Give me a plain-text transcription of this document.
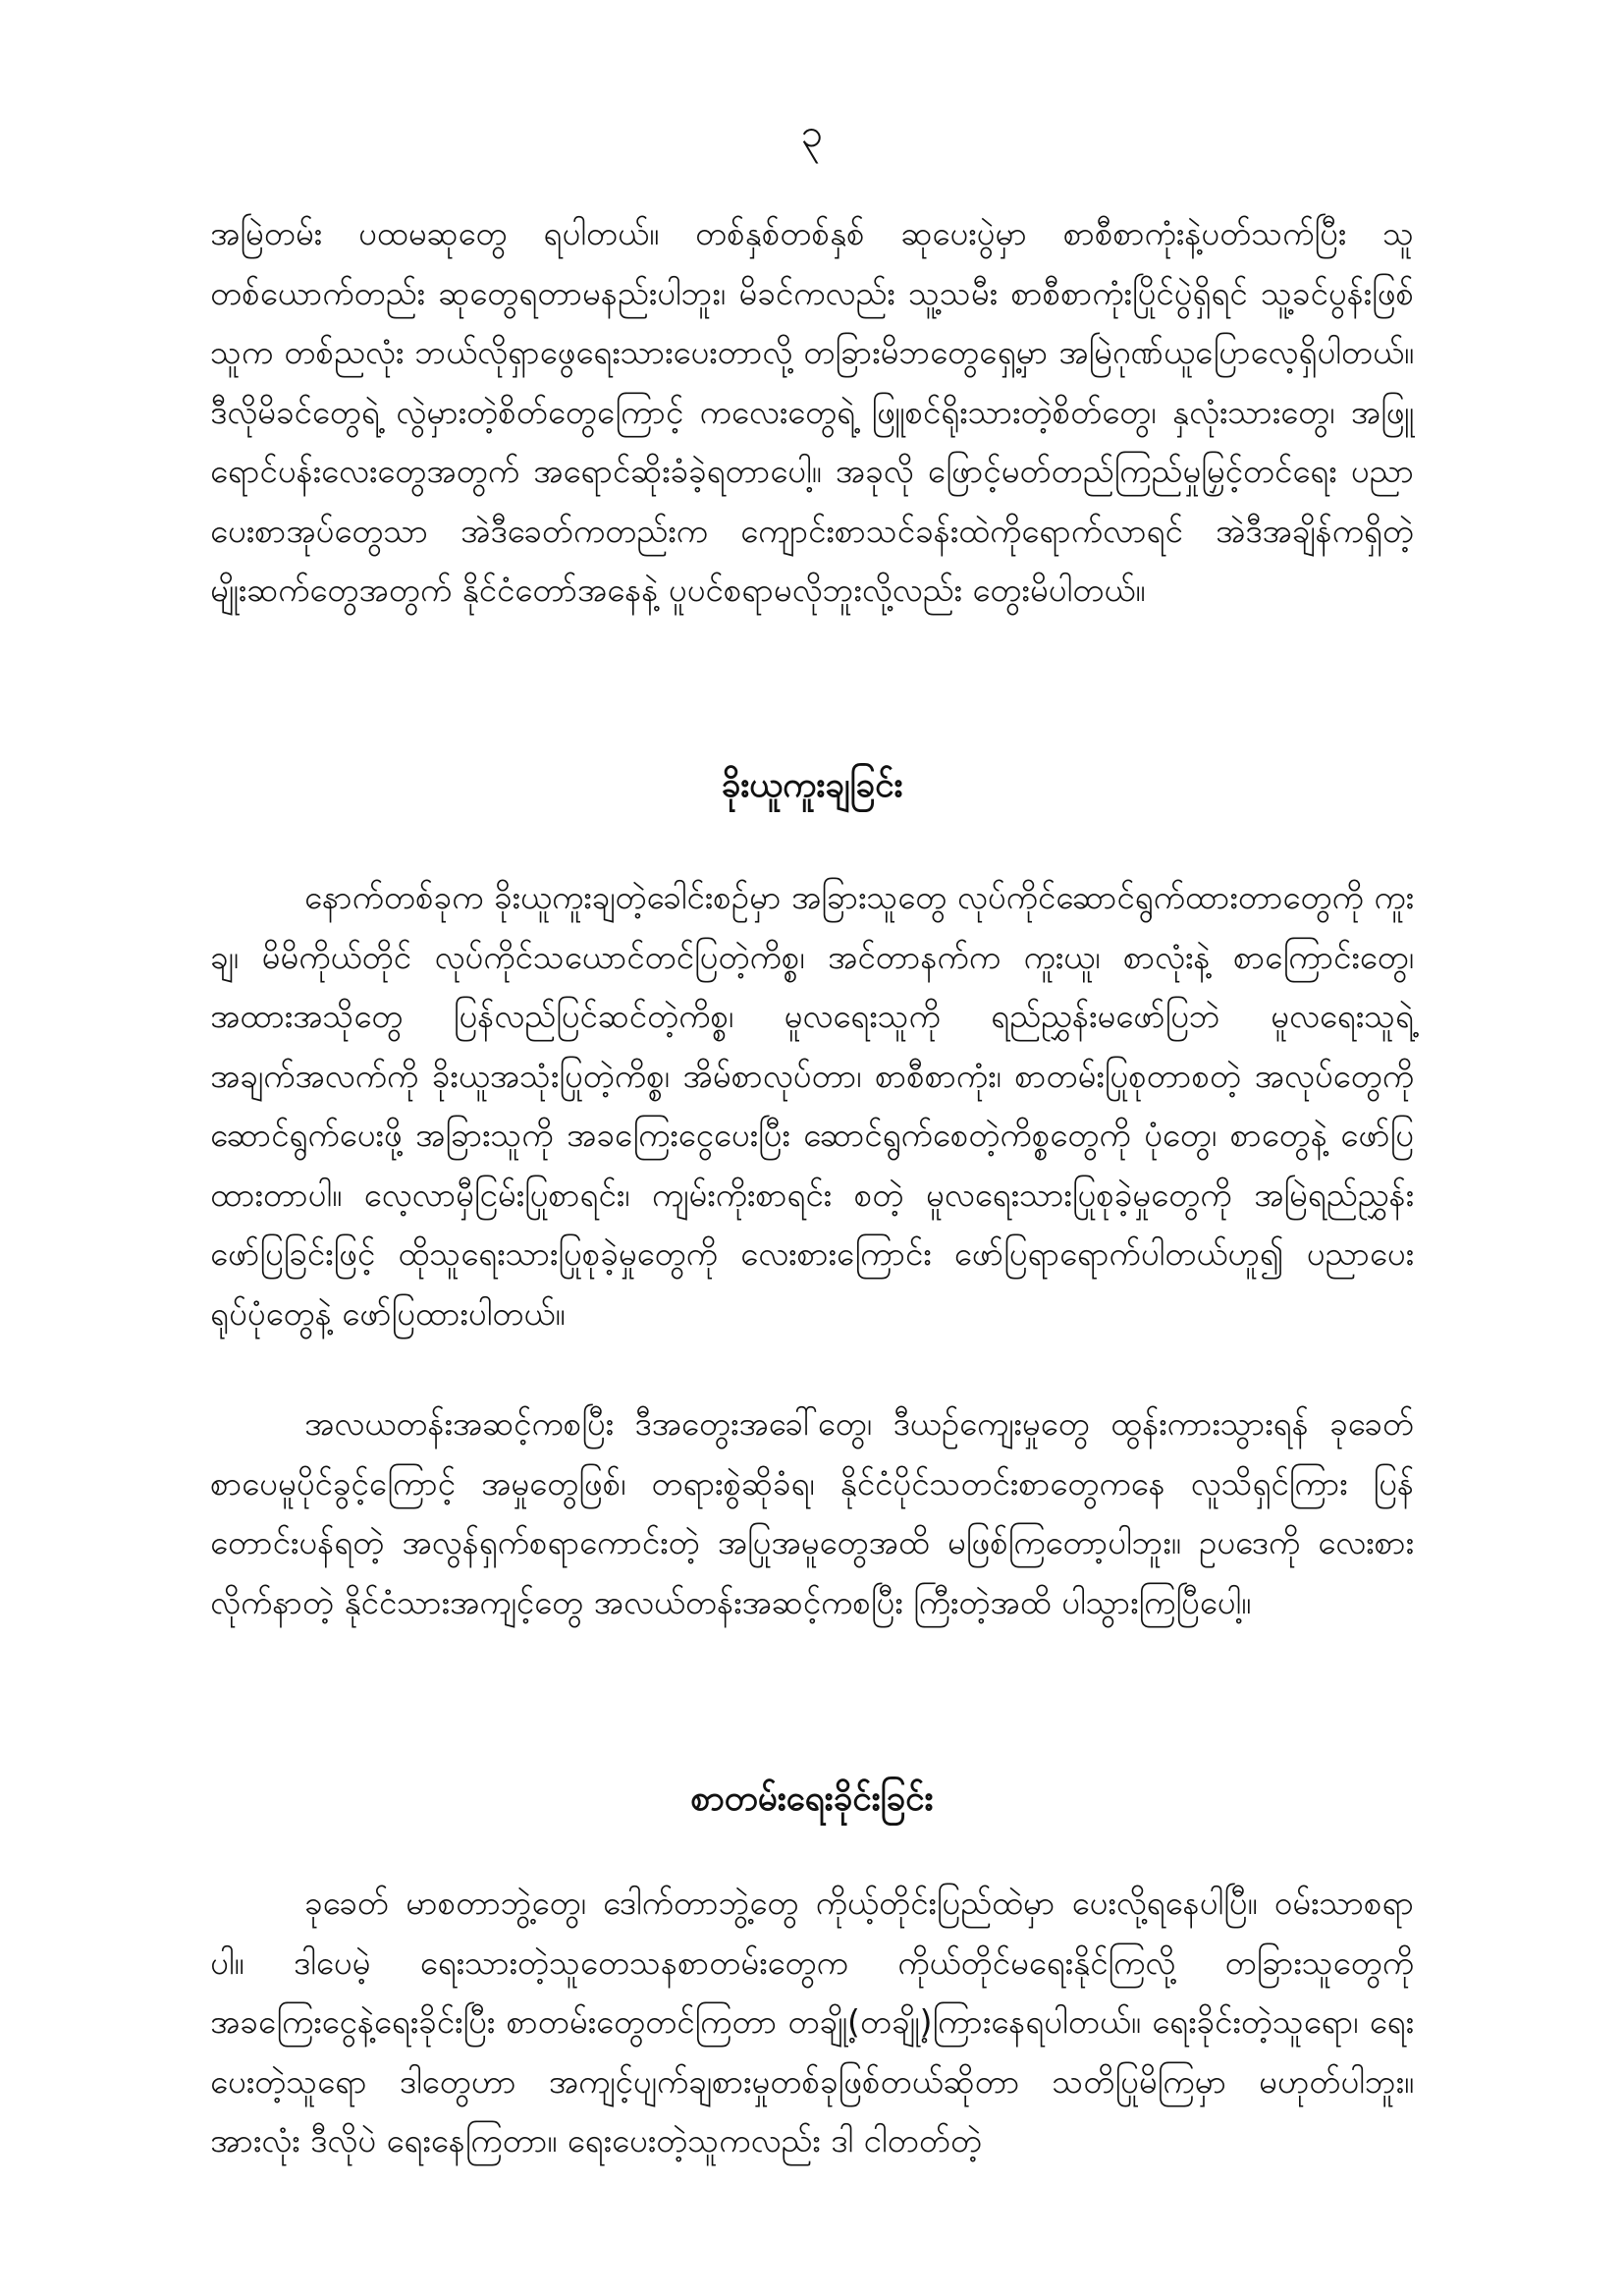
၃

အမြဲတမ်း ပထမဆုတွေ ရပါတယ်။ တစ်နှစ်တစ်နှစ် ဆုပေးပွဲမှာ စာစီစာကုံးနဲ့ပတ်သက်ပြီး သူတစ်ယောက်တည်း ဆုတွေရတာမနည်းပါဘူး၊ မိခင်ကလည်း သူ့သမီး စာစီစာကုံးပြိုင်ပွဲရှိရင် သူ့ခင်ပွန်းဖြစ်သူက တစ်ညလုံး ဘယ်လိုရှာဖွေရေးသားပေးတာလို့ တခြားမိဘတွေရှေ့မှာ အမြဲဂုဏ်ယူပြောလေ့ရှိပါတယ်။ ဒီလိုမိခင်တွေရဲ့ လွဲမှားတဲ့စိတ်တွေကြောင့် ကလေးတွေရဲ့ ဖြူစင်ရိုးသားတဲ့စိတ်တွေ၊ နှလုံးသားတွေ၊ အဖြူရောင်ပန်းလေးတွေအတွက် အရောင်ဆိုးခံခဲ့ရတာပေါ့။ အခုလို ဖြောင့်မတ်တည်ကြည်မှုမြှင့်တင်ရေး ပညာပေးစာအုပ်တွေသာ အဲဒီခေတ်ကတည်းက ကျောင်းစာသင်ခန်းထဲကိုရောက်လာရင် အဲဒီအချိန်ကရှိတဲ့ မျိုးဆက်တွေအတွက် နိုင်ငံတော်အနေနဲ့ ပူပင်စရာမလိုဘူးလို့လည်း တွေးမိပါတယ်။

ခိုးယူကူးချခြင်း

နောက်တစ်ခုက ခိုးယူကူးချတဲ့ခေါင်းစဉ်မှာ အခြားသူတွေ လုပ်ကိုင်ဆောင်ရွက်ထားတာတွေကို ကူးချ၊ မိမိကိုယ်တိုင် လုပ်ကိုင်သယောင်တင်ပြတဲ့ကိစ္စ၊ အင်တာနက်က ကူးယူ၊ စာလုံးနဲ့ စာကြောင်းတွေ၊ အထားအသိုတွေ ပြန်လည်ပြင်ဆင်တဲ့ကိစ္စ၊ မူလရေးသူကို ရည်ညွှန်းမဖော်ပြဘဲ မူလရေးသူရဲ့ အချက်အလက်ကို ခိုးယူအသုံးပြုတဲ့ကိစ္စ၊ အိမ်စာလုပ်တာ၊ စာစီစာကုံး၊ စာတမ်းပြုစုတာစတဲ့ အလုပ်တွေကို ဆောင်ရွက်ပေးဖို့ အခြားသူကို အခကြေးငွေပေးပြီး ဆောင်ရွက်စေတဲ့ကိစ္စတွေကို ပုံတွေ၊ စာတွေနဲ့ ဖော်ပြထားတာပါ။ လေ့လာမှီငြမ်းပြုစာရင်း၊ ကျမ်းကိုးစာရင်း စတဲ့ မူလရေးသားပြုစုခဲ့မှုတွေကို အမြဲရည်ညွှန်းဖော်ပြခြင်းဖြင့် ထိုသူရေးသားပြုစုခဲ့မှုတွေကို လေးစားကြောင်း ဖော်ပြရာရောက်ပါတယ်ဟူ၍ ပညာပေးရုပ်ပုံတွေနဲ့ ဖော်ပြထားပါတယ်။

အလယတန်းအဆင့်ကစပြီး ဒီအတွေးအခေါ်တွေ၊ ဒီယဉ်ကျေးမှုတွေ ထွန်းကားသွားရန် ခုခေတ် စာပေမူပိုင်ခွင့်ကြောင့် အမှုတွေဖြစ်၊ တရားစွဲဆိုခံရ၊ နိုင်ငံပိုင်သတင်းစာတွေကနေ လူသိရှင်ကြား ပြန်တောင်းပန်ရတဲ့ အလွန်ရှက်စရာကောင်းတဲ့ အပြုအမူတွေအထိ မဖြစ်ကြတော့ပါဘူး။ ဥပဒေကို လေးစားလိုက်နာတဲ့ နိုင်ငံသားအကျင့်တွေ အလယ်တန်းအဆင့်ကစပြီး ကြီးတဲ့အထိ ပါသွားကြပြီပေါ့။

စာတမ်းရေးခိုင်းခြင်း

ခုခေတ် မာစတာဘွဲ့တွေ၊ ဒေါက်တာဘွဲ့တွေ ကိုယ့်တိုင်းပြည်ထဲမှာ ပေးလို့ရနေပါပြီ။ ဝမ်းသာစရာပါ။ ဒါပေမဲ့ ရေးသားတဲ့သူတေသနစာတမ်းတွေက ကိုယ်တိုင်မရေးနိုင်ကြလို့ တခြားသူတွေကို အခကြေးငွေနဲ့ရေးခိုင်းပြီး စာတမ်းတွေတင်ကြတာ တချို့(တချို့)ကြားနေရပါတယ်။ ရေးခိုင်းတဲ့သူရော၊ ရေးပေးတဲ့သူရော ဒါတွေဟာ အကျင့်ပျက်ချစားမှုတစ်ခုဖြစ်တယ်ဆိုတာ သတိပြုမိကြမှာ မဟုတ်ပါဘူး။ အားလုံး ဒီလိုပဲ ရေးနေကြတာ။ ရေးပေးတဲ့သူကလည်း ဒါ ငါတတ်တဲ့
